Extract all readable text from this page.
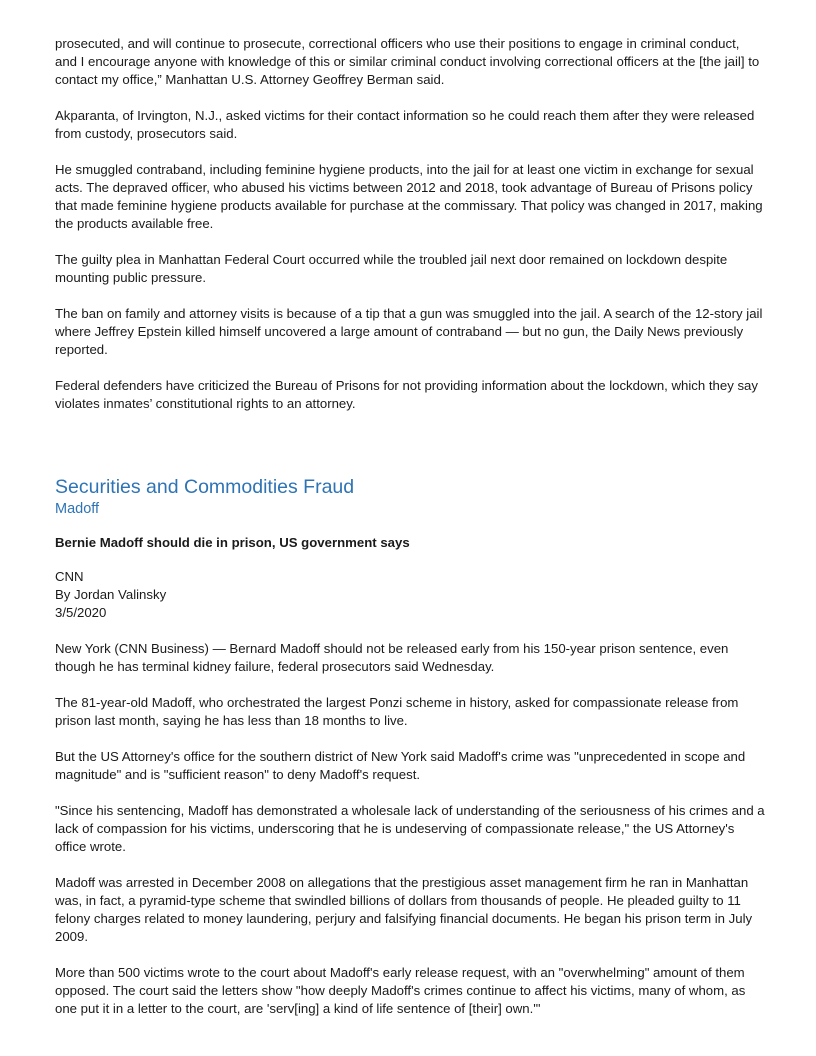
prosecuted, and will continue to prosecute, correctional officers who use their positions to engage in criminal conduct, and I encourage anyone with knowledge of this or similar criminal conduct involving correctional officers at the [the jail] to contact my office,” Manhattan U.S. Attorney Geoffrey Berman said.

Akparanta, of Irvington, N.J., asked victims for their contact information so he could reach them after they were released from custody, prosecutors said.

He smuggled contraband, including feminine hygiene products, into the jail for at least one victim in exchange for sexual acts. The depraved officer, who abused his victims between 2012 and 2018, took advantage of Bureau of Prisons policy that made feminine hygiene products available for purchase at the commissary. That policy was changed in 2017, making the products available free.

The guilty plea in Manhattan Federal Court occurred while the troubled jail next door remained on lockdown despite mounting public pressure.

The ban on family and attorney visits is because of a tip that a gun was smuggled into the jail. A search of the 12-story jail where Jeffrey Epstein killed himself uncovered a large amount of contraband — but no gun, the Daily News previously reported.

Federal defenders have criticized the Bureau of Prisons for not providing information about the lockdown, which they say violates inmates’ constitutional rights to an attorney.

Securities and Commodities Fraud
Madoff

Bernie Madoff should die in prison, US government says

CNN
By Jordan Valinsky
3/5/2020

New York (CNN Business) — Bernard Madoff should not be released early from his 150-year prison sentence, even though he has terminal kidney failure, federal prosecutors said Wednesday.

The 81-year-old Madoff, who orchestrated the largest Ponzi scheme in history, asked for compassionate release from prison last month, saying he has less than 18 months to live.

But the US Attorney's office for the southern district of New York said Madoff's crime was "unprecedented in scope and magnitude" and is "sufficient reason" to deny Madoff's request.

"Since his sentencing, Madoff has demonstrated a wholesale lack of understanding of the seriousness of his crimes and a lack of compassion for his victims, underscoring that he is undeserving of compassionate release," the US Attorney's office wrote.

Madoff was arrested in December 2008 on allegations that the prestigious asset management firm he ran in Manhattan was, in fact, a pyramid-type scheme that swindled billions of dollars from thousands of people. He pleaded guilty to 11 felony charges related to money laundering, perjury and falsifying financial documents. He began his prison term in July 2009.

More than 500 victims wrote to the court about Madoff's early release request, with an "overwhelming" amount of them opposed. The court said the letters show "how deeply Madoff's crimes continue to affect his victims, many of whom, as one put it in a letter to the court, are 'serv[ing] a kind of life sentence of [their] own.'"
